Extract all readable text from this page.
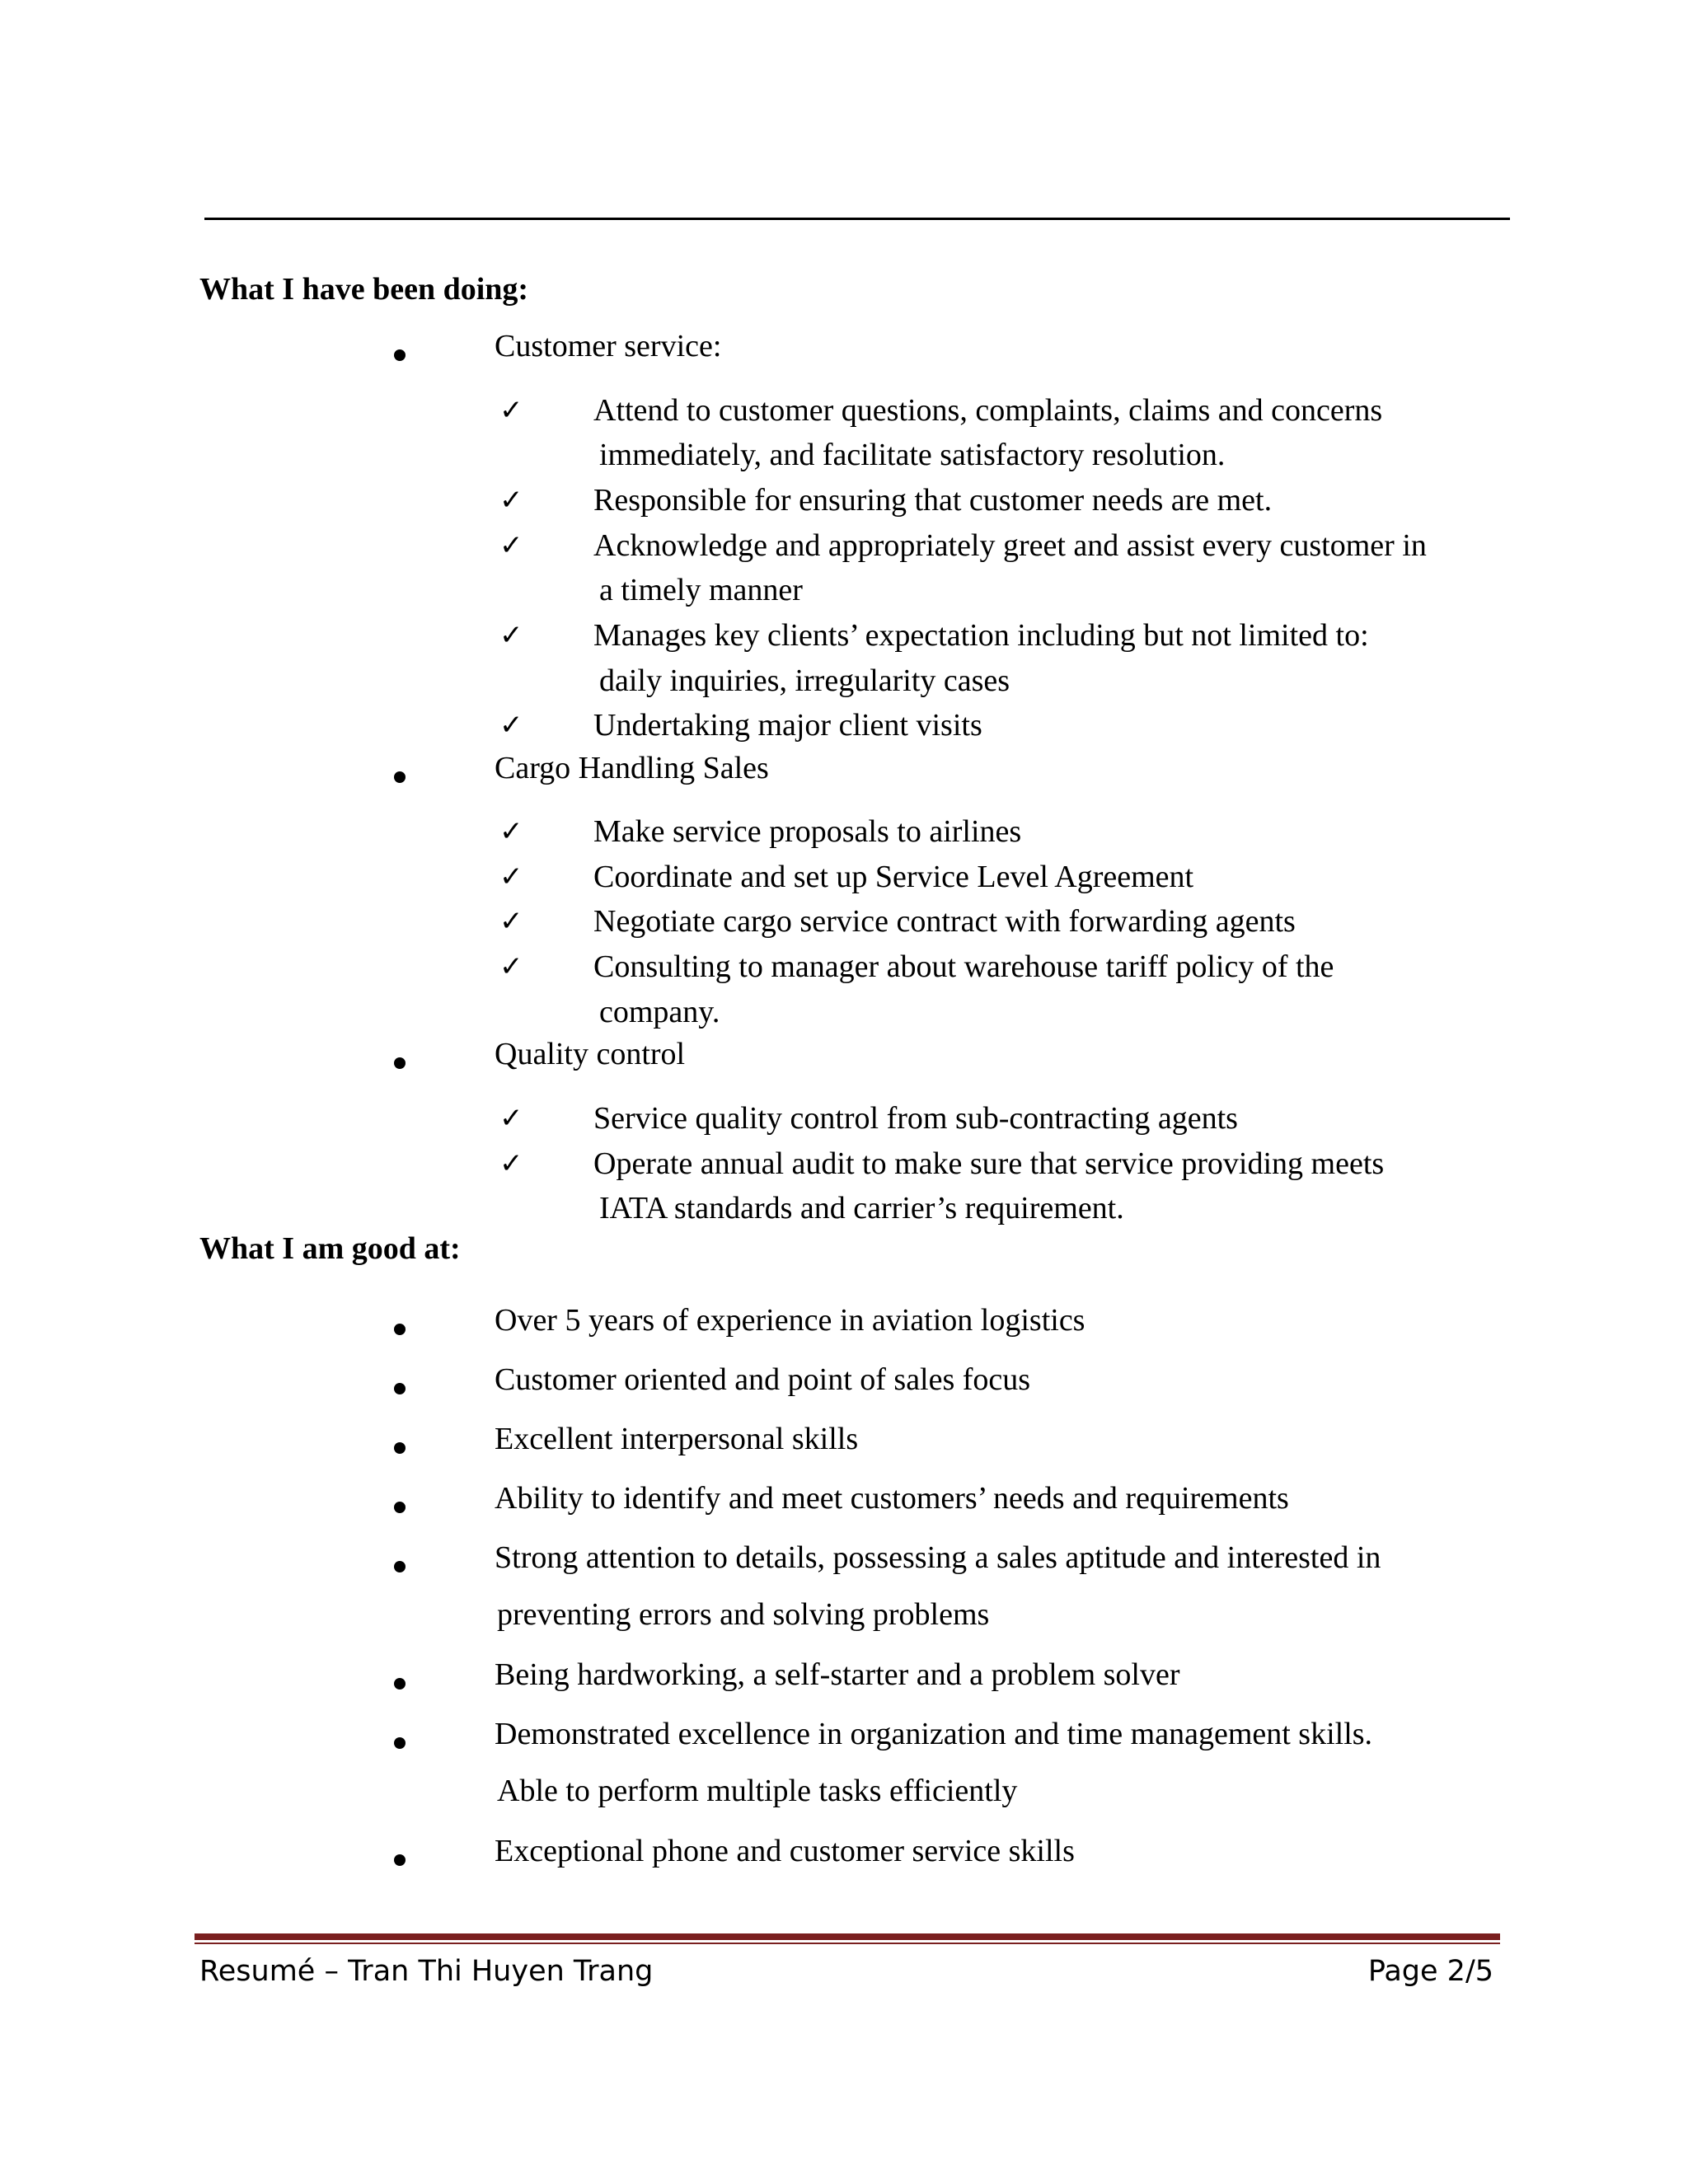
What I have been doing:
Customer service:
✓ Attend to customer questions, complaints, claims and concerns
immediately, and facilitate satisfactory resolution.
✓ Responsible for ensuring that customer needs are met.
✓ Acknowledge and appropriately greet and assist every customer in
a timely manner
✓ Manages key clients’ expectation including but not limited to:
daily inquiries, irregularity cases
✓ Undertaking major client visits
Cargo Handling Sales
✓ Make service proposals to airlines
✓ Coordinate and set up Service Level Agreement
✓ Negotiate cargo service contract with forwarding agents
✓ Consulting to manager about warehouse tariff policy of the
company.
Quality control
✓ Service quality control from sub-contracting agents
✓ Operate annual audit to make sure that service providing meets
IATA standards and carrier’s requirement.
What I am good at:
Over 5 years of experience in aviation logistics
Customer oriented and point of sales focus
Excellent interpersonal skills
Ability to identify and meet customers’ needs and requirements
Strong attention to details, possessing a sales aptitude and interested in
preventing errors and solving problems
Being hardworking, a self-starter and a problem solver
Demonstrated excellence in organization and time management skills.
Able to perform multiple tasks efficiently
Exceptional phone and customer service skills
Resumé – Tran Thi Huyen Trang	Page 2/5
